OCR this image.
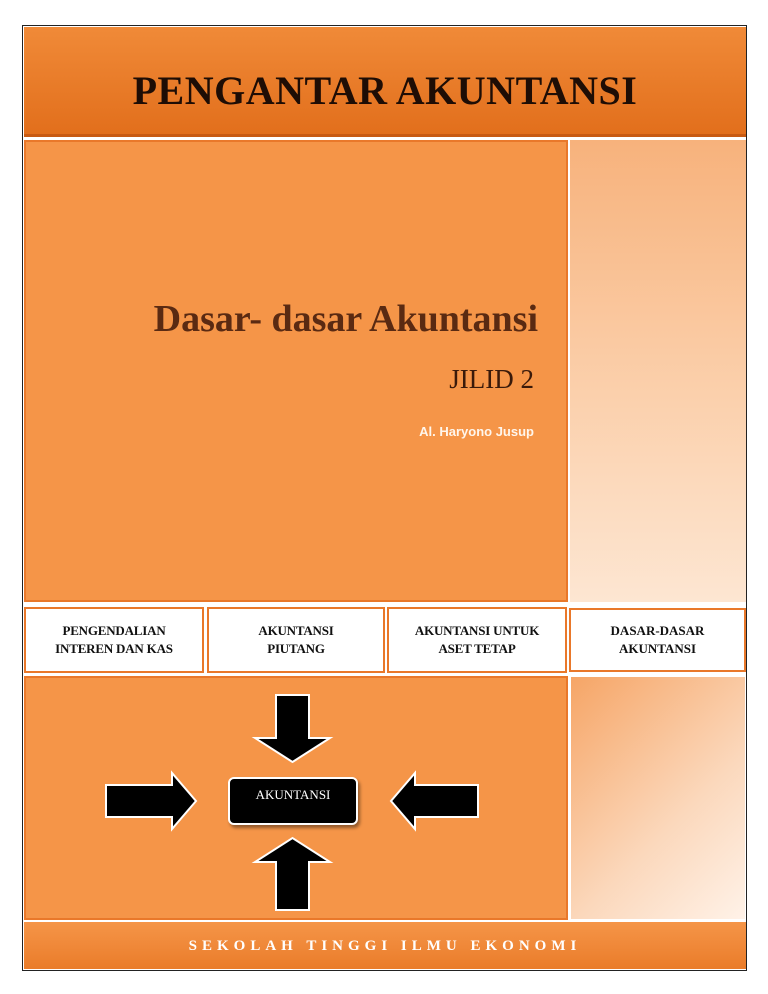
PENGANTAR AKUNTANSI
Dasar- dasar Akuntansi
JILID 2
Al. Haryono Jusup
PENGENDALIAN
INTEREN DAN KAS
AKUNTANSI
PIUTANG
AKUNTANSI UNTUK
ASET TETAP
DASAR-DASAR
AKUNTANSI
AKUNTANSI
SEKOLAH TINGGI ILMU EKONOMI
